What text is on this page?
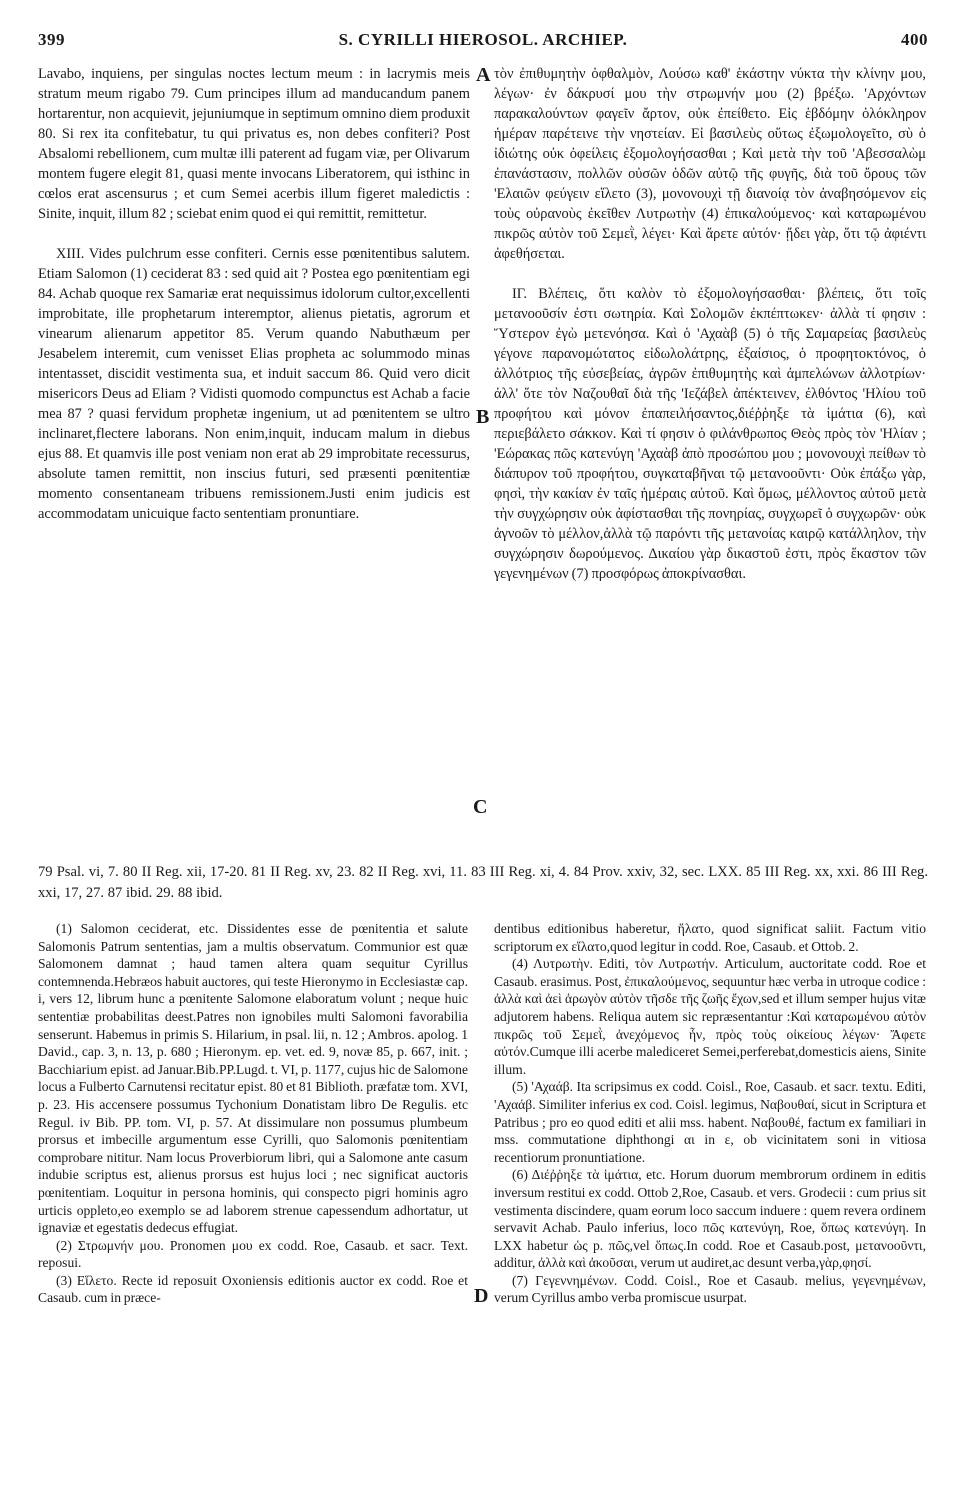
399	S. CYRILLI HIEROSOL. ARCHIEP.	400
A
B
C
D

Lavabo, inquiens, per singulas noctes lectum meum : in lacrymis meis stratum meum rigabo 79. Cum principes illum ad manducandum panem hortarentur, non acquievit, jejuniumque in septimum omnino diem produxit 80. Si rex ita confitebatur, tu qui privatus es, non debes confiteri? Post Absalomi rebellionem, cum multæ illi paterent ad fugam viæ, per Olivarum montem fugere elegit 81, quasi mente invocans Liberatorem, qui isthinc in cœlos erat ascensurus ; et cum Semei acerbis illum figeret maledictis : Sinite, inquit, illum 82 ; sciebat enim quod ei qui remittit, remittetur.

XIII. Vides pulchrum esse confiteri. Cernis esse pœnitentibus salutem. Etiam Salomon (1) ceciderat 83 : sed quid ait ? Postea ego pœnitentiam egi 84. Achab quoque rex Samariæ erat nequissimus idolorum cultor,excellenti improbitate, ille prophetarum interemptor, alienus pietatis, agrorum et vinearum alienarum appetitor 85. Verum quando Nabuthæum per Jesabelem interemit, cum venisset Elias propheta ac solummodo minas intentasset, discidit vestimenta sua, et induit saccum 86. Quid vero dicit misericors Deus ad Eliam ? Vidisti quomodo compunctus est Achab a facie mea 87 ? quasi fervidum prophetæ ingenium, ut ad pœnitentem se ultro inclinaret,flectere laborans. Non enim,inquit, inducam malum in diebus ejus 88. Et quamvis ille post veniam non erat ab 29 improbitate recessurus, absolute tamen remittit, non inscius futuri, sed præsenti pœnitentiæ momento consentaneam tribuens remissionem.Justi enim judicis est accommodatam unicuique facto sententiam pronuntiare.

τὸν ἐπιθυμητὴν ὀφθαλμὸν, Λούσω καθ' ἑκάστην νύκτα τὴν κλίνην μου, λέγων· ἐν δάκρυσί μου τὴν στρωμνήν μου (2) βρέξω. 'Αρχόντων παρακαλούντων φαγεῖν ἄρτον, οὐκ ἐπείθετο. Εἰς ἑβδόμην ὁλόκληρον ἡμέραν παρέτεινε τὴν νηστείαν. Εἰ βασιλεὺς οὕτως ἐξωμολογεῖτο, σὺ ὁ ἰδιώτης οὐκ ὀφείλεις ἐξομολογήσασθαι ; Καὶ μετὰ τὴν τοῦ 'Αβεσσαλὼμ ἐπανάστασιν, πολλῶν οὐσῶν ὁδῶν αὐτῷ τῆς φυγῆς, διὰ τοῦ ὄρους τῶν 'Ελαιῶν φεύγειν εἵλετο (3), μονονουχὶ τῇ διανοίᾳ τὸν ἀναβησόμενον εἰς τοὺς οὐρανοὺς ἐκεῖθεν Λυτρωτὴν (4) ἐπικαλούμενος· καὶ καταρωμένου πικρῶς αὐτὸν τοῦ Σεμεῒ, λέγει· Καὶ ἄρετε αὐτόν· ᾔδει γὰρ, ὅτι τῷ ἀφιέντι ἀφεθήσεται.

ΙΓ. Βλέπεις, ὅτι καλὸν τὸ ἐξομολογήσασθαι· βλέπεις, ὅτι τοῖς μετανοοῦσίν ἐστι σωτηρία. Καὶ Σολομῶν ἐκπέπτωκεν· ἀλλὰ τί φησιν : Ὕστερον ἐγὼ μετενόησα. Καὶ ὁ 'Αχαὰβ (5) ὁ τῆς Σαμαρείας βασιλεὺς γέγονε παρανομώτατος εἰδωλολάτρης, ἐξαίσιος, ὁ προφητοκτόνος, ὁ ἀλλότριος τῆς εὐσεβείας, ἀγρῶν ἐπιθυμητὴς καὶ ἀμπελώνων ἀλλοτρίων· ἀλλ' ὅτε τὸν Ναζουθαῖ διὰ τῆς 'Ιεζάβελ ἀπέκτεινεν, ἐλθόντος 'Ηλίου τοῦ προφήτου καὶ μόνον ἐπαπειλήσαντος,διέῤῥηξε τὰ ἱμάτια (6), καὶ περιεβάλετο σάκκον. Καὶ τί φησιν ὁ φιλάνθρωπος Θεὸς πρὸς τὸν 'Ηλίαν ; 'Εώρακας πῶς κατενύγη 'Αχαὰβ ἀπὸ προσώπου μου ; μονονουχὶ πείθων τὸ διάπυρον τοῦ προφήτου, συγκαταβῆναι τῷ μετανοοῦντι· Οὐκ ἐπάξω γὰρ, φησὶ, τὴν κακίαν ἐν ταῖς ἡμέραις αὐτοῦ. Καὶ ὅμως, μέλλοντος αὐτοῦ μετὰ τὴν συγχώρησιν οὐκ ἀφίστασθαι τῆς πονηρίας, συγχωρεῖ ὁ συγχωρῶν· οὐκ ἀγνοῶν τὸ μέλλον,ἀλλὰ τῷ παρόντι τῆς μετανοίας καιρῷ κατάλληλον, τὴν συγχώρησιν δωρούμενος. Δικαίου γὰρ δικαστοῦ ἐστι, πρὸς ἕκαστον τῶν γεγενημένων (7) προσφόρως ἀποκρίνασθαι.

79 Psal. vi, 7. 80 II Reg. xii, 17-20. 81 II Reg. xv, 23. 82 II Reg. xvi, 11. 83 III Reg. xi, 4. 84 Prov. xxiv, 32, sec. LXX. 85 III Reg. xx, xxi. 86 III Reg. xxi, 17, 27. 87 ibid. 29. 88 ibid.

(1) Salomon ceciderat, etc. Dissidentes esse de pœnitentia et salute Salomonis Patrum sententias, jam a multis observatum. Communior est quæ Salomonem damnat ; haud tamen altera quam sequitur Cyrillus contemnenda.Hebræos habuit auctores, qui teste Hieronymo in Ecclesiastæ cap. i, vers 12, librum hunc a pœnitente Salomone elaboratum volunt ; neque huic sententiæ probabilitas deest.Patres non ignobiles multi Salomoni favorabilia senserunt. Habemus in primis S. Hilarium, in psal. lii, n. 12 ; Ambros. apolog. 1 David., cap. 3, n. 13, p. 680 ; Hieronym. ep. vet. ed. 9, novæ 85, p. 667, init. ; Bacchiarium epist. ad Januar.Bib.PP.Lugd. t. VI, p. 1177, cujus hic de Salomone locus a Fulberto Carnutensi recitatur epist. 80 et 81 Biblioth. præfatæ tom. XVI, p. 23. His accensere possumus Tychonium Donatistam libro De Regulis. etc Regul. iv Bib. PP. tom. VI, p. 57. At dissimulare non possumus plumbeum prorsus et imbecille argumentum esse Cyrilli, quo Salomonis pœnitentiam comprobare nititur. Nam locus Proverbiorum libri, qui a Salomone ante casum indubie scriptus est, alienus prorsus est hujus loci ; nec significat auctoris pœnitentiam. Loquitur in persona hominis, qui conspecto pigri hominis agro urticis oppleto,eo exemplo se ad laborem strenue capessendum adhortatur, ut ignaviæ et egestatis dedecus effugiat.

(2) Στρωμνήν μου. Pronomen μου ex codd. Roe, Casaub. et sacr. Text. reposui.

(3) Εἵλετο. Recte id reposuit Oxoniensis editionis auctor ex codd. Roe et Casaub. cum in præce-

dentibus editionibus haberetur, ἥλατο, quod significat saliit. Factum vitio scriptorum ex εἵλατο,quod legitur in codd. Roe, Casaub. et Ottob. 2.

(4) Λυτρωτὴν. Editi, τὸν Λυτρωτήν. Articulum, auctoritate codd. Roe et Casaub. erasimus. Post, ἐπικαλούμενος, sequuntur hæc verba in utroque codice : ἀλλὰ καὶ ἀεὶ ἀρωγὸν αὐτὸν τῆσδε τῆς ζωῆς ἔχων,sed et illum semper hujus vitæ adjutorem habens. Reliqua autem sic repræsentantur :Καὶ καταρωμένου αὐτὸν πικρῶς τοῦ Σεμεῒ, ἀνεχόμενος ἦν, πρὸς τοὺς οἰκείους λέγων· Ἄφετε αὐτόν.Cumque illi acerbe malediceret Semei,perferebat,domesticis aiens, Sinite illum.

(5) 'Αχαάβ. Ita scripsimus ex codd. Coisl., Roe, Casaub. et sacr. textu. Editi, 'Αχαάβ. Similiter inferius ex cod. Coisl. legimus, Ναβουθαί, sicut in Scriptura et Patribus ; pro eo quod editi et alii mss. habent. Ναβουθέ, factum ex familiari in mss. commutatione diphthongi αι in ε, ob vicinitatem soni in vitiosa recentiorum pronuntiatione.

(6) Διέῤῥηξε τὰ ἱμάτια, etc. Horum duorum membrorum ordinem in editis inversum restitui ex codd. Ottob 2,Roe, Casaub. et vers. Grodecii : cum prius sit vestimenta discindere, quam eorum loco saccum induere : quem revera ordinem servavit Achab. Paulo inferius, loco πῶς κατενύγη, Roe, ὅπως κατενύγη. In LXX habetur ὡς p. πῶς,vel ὅπως.In codd. Roe et Casaub.post, μετανοοῦντι, additur, ἀλλὰ καὶ ἀκοῦσαι, verum ut audiret,ac desunt verba,γὰρ,φησί.

(7) Γεγεννημένων. Codd. Coisl., Roe et Casaub. melius, γεγενημένων, verum Cyrillus ambo verba promiscue usurpat.
